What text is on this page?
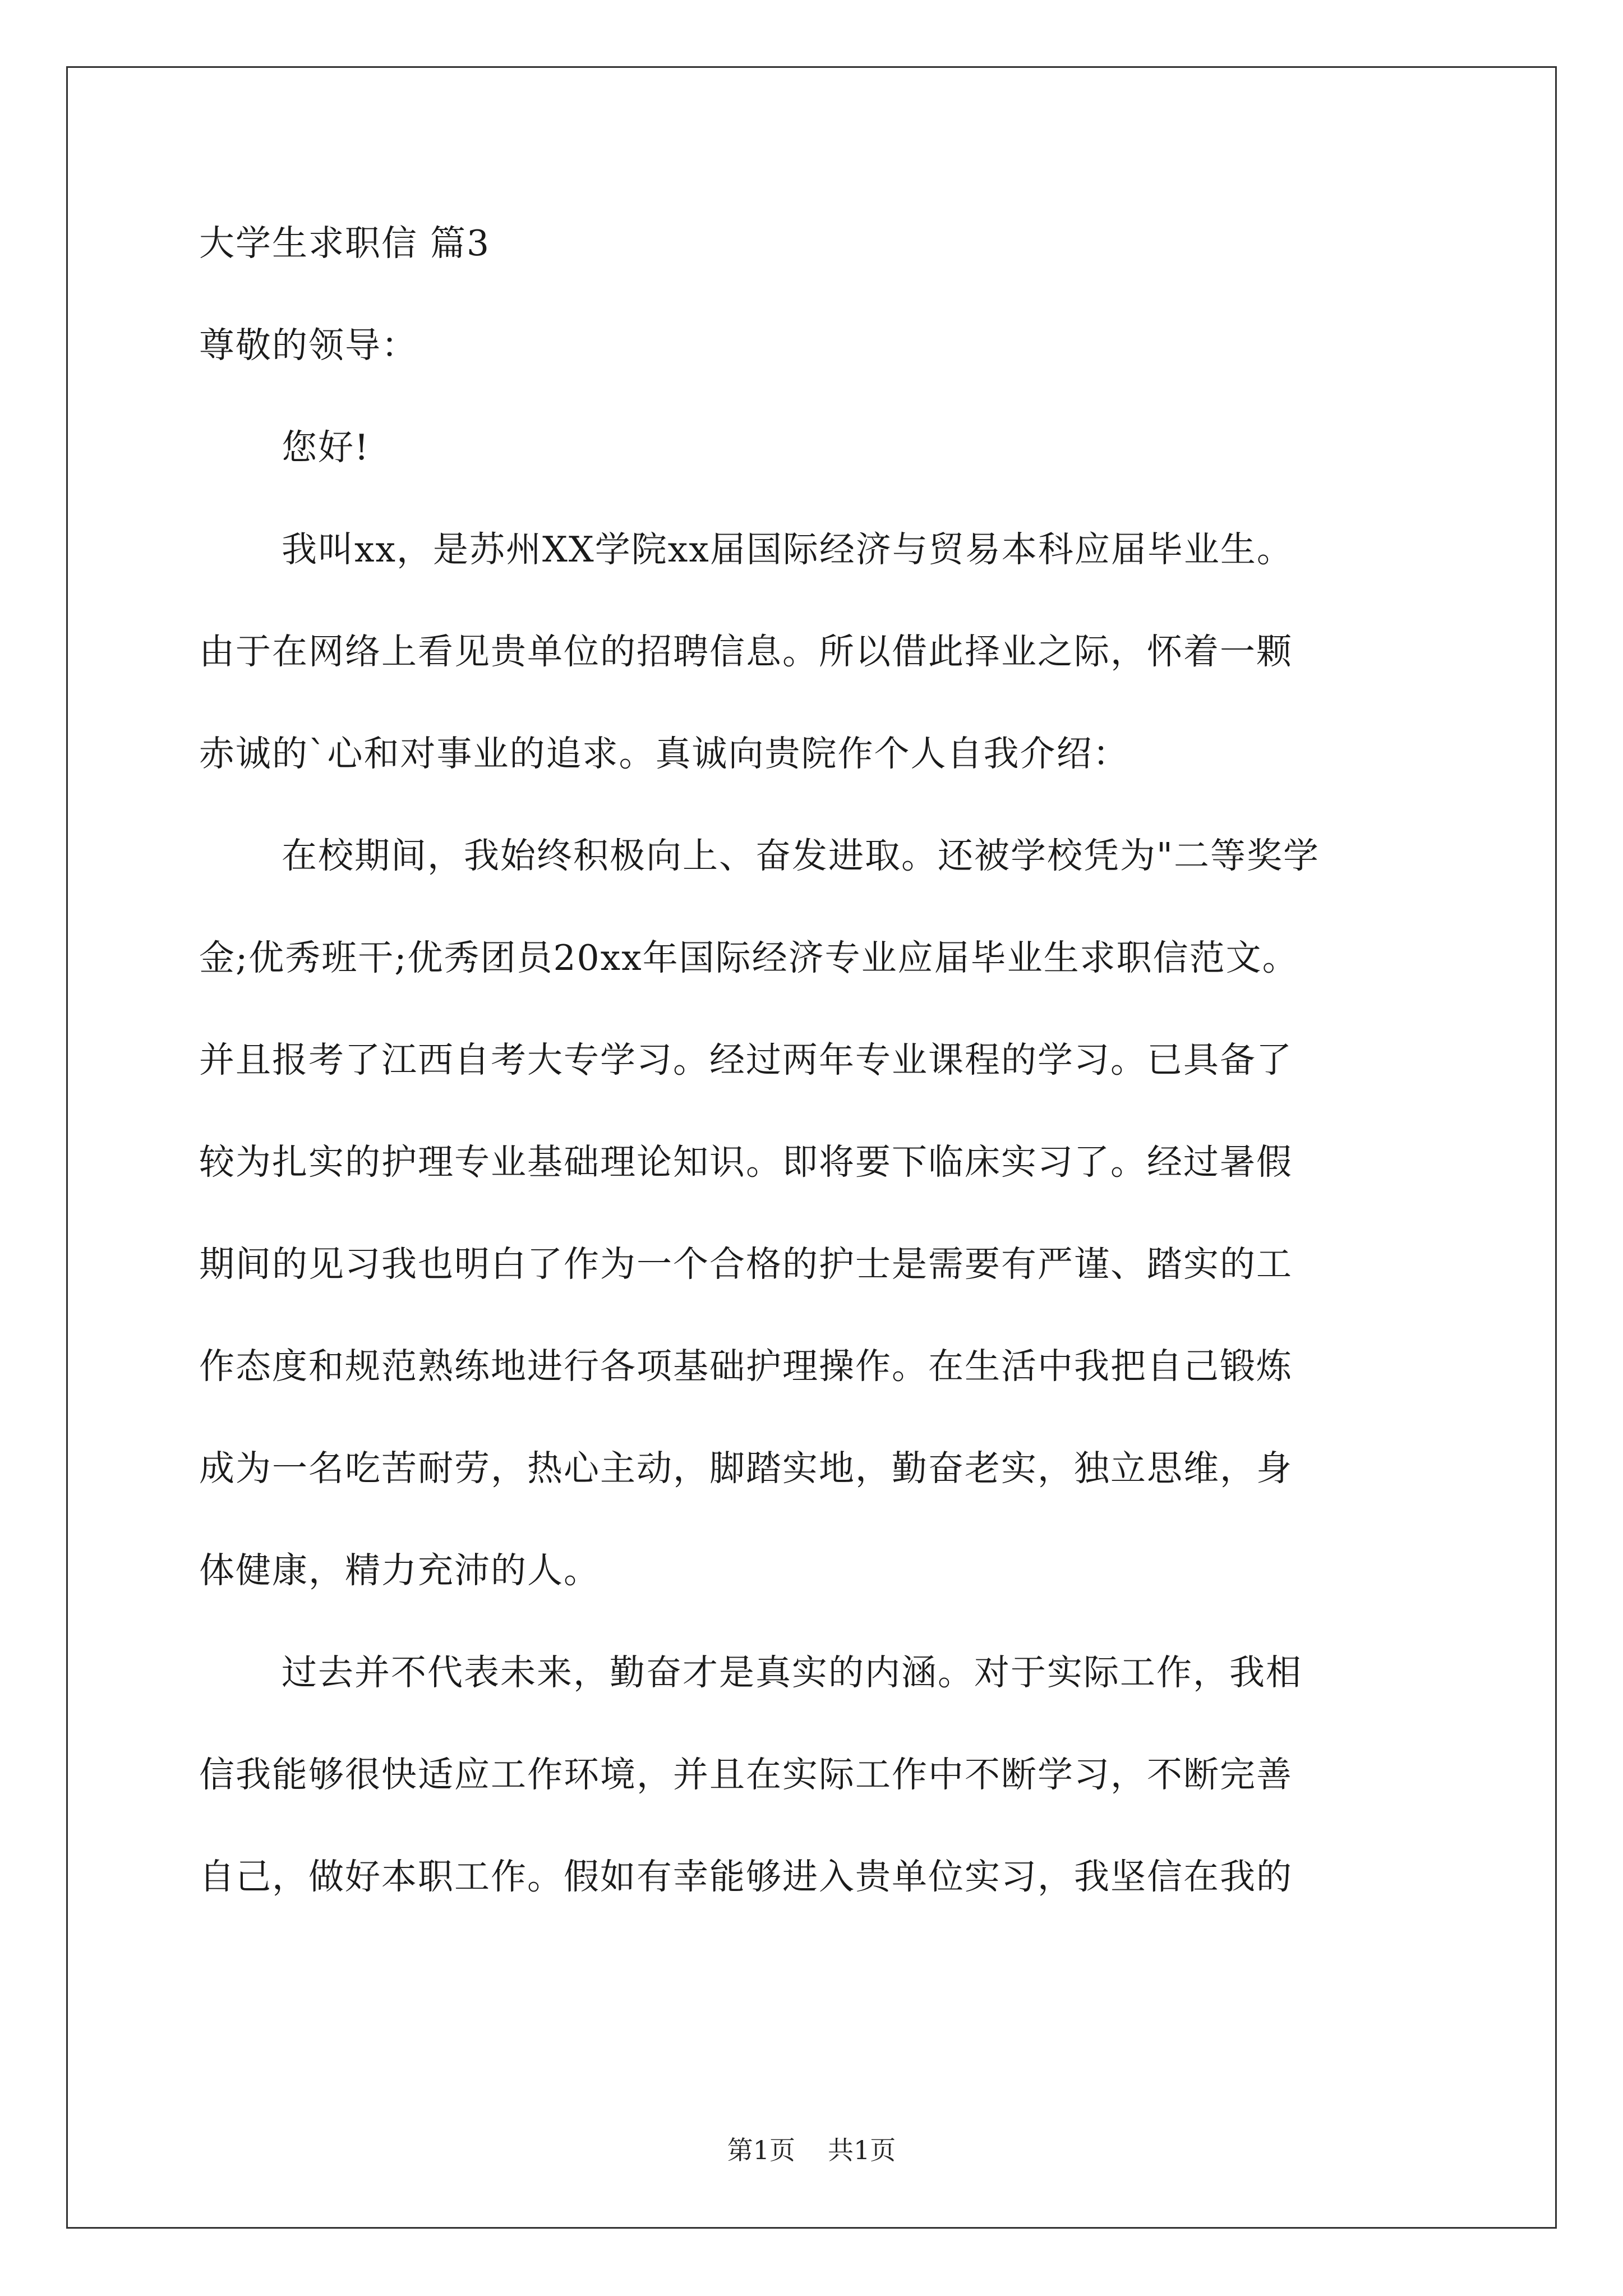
大学生求职信 篇3
尊敬的领导：
您好!
我叫xx，是苏州XX学院xx届国际经济与贸易本科应届毕业生。
由于在网络上看见贵单位的招聘信息。所以借此择业之际，怀着一颗
赤诚的`心和对事业的追求。真诚向贵院作个人自我介绍：
在校期间，我始终积极向上、奋发进取。还被学校凭为"二等奖学
金;优秀班干;优秀团员20xx年国际经济专业应届毕业生求职信范文。
并且报考了江西自考大专学习。经过两年专业课程的学习。已具备了
较为扎实的护理专业基础理论知识。即将要下临床实习了。经过暑假
期间的见习我也明白了作为一个合格的护士是需要有严谨、踏实的工
作态度和规范熟练地进行各项基础护理操作。在生活中我把自己锻炼
成为一名吃苦耐劳，热心主动，脚踏实地，勤奋老实，独立思维，身
体健康，精力充沛的人。
过去并不代表未来，勤奋才是真实的内涵。对于实际工作，我相
信我能够很快适应工作环境，并且在实际工作中不断学习，不断完善
自己，做好本职工作。假如有幸能够进入贵单位实习，我坚信在我的
第1页 共1页
